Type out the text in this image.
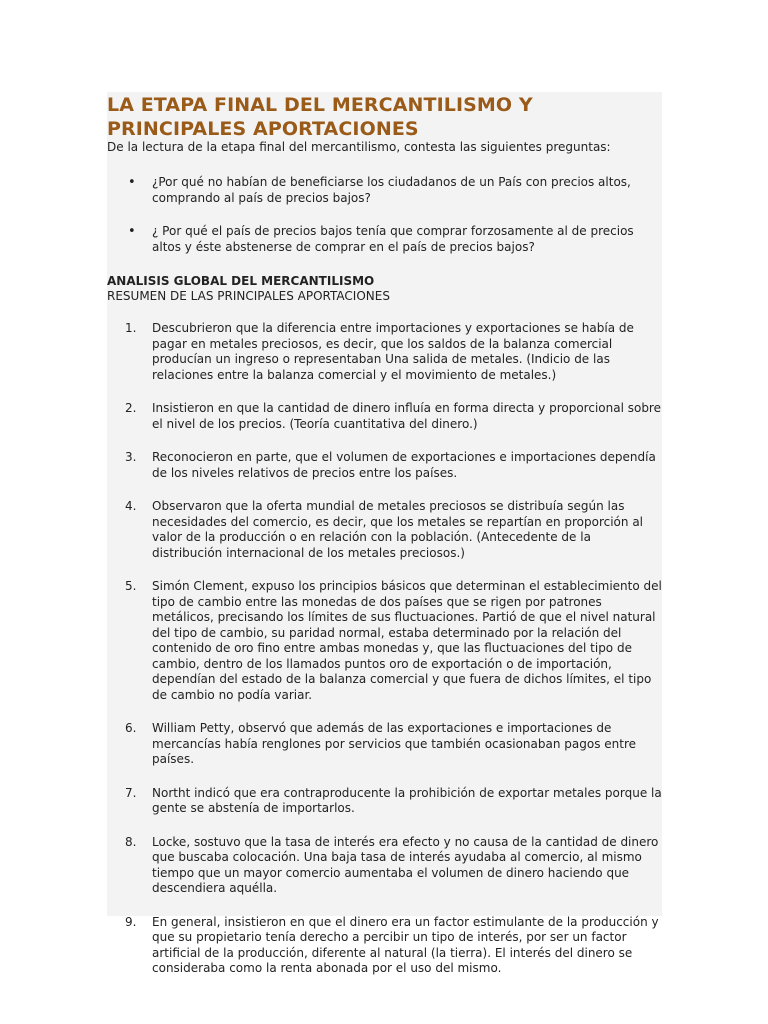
LA ETAPA FINAL DEL MERCANTILISMO Y PRINCIPALES APORTACIONES
De la lectura de la etapa final del mercantilismo, contesta las siguientes preguntas:
• ¿Por qué no habían de beneficiarse los ciudadanos de un País con precios altos, comprando al país de precios bajos?
• ¿ Por qué el país de precios bajos tenía que comprar forzosamente al de precios altos y éste abstenerse de comprar en el país de precios bajos?
ANALISIS GLOBAL DEL MERCANTILISMO
RESUMEN DE LAS PRINCIPALES APORTACIONES
1. Descubrieron que la diferencia entre importaciones y exportaciones se había de pagar en metales preciosos, es decir, que los saldos de la balanza comercial producían un ingreso o representaban Una salida de metales. (Indicio de las relaciones entre la balanza comercial y el movimiento de metales.)
2. Insistieron en que la cantidad de dinero influía en forma directa y proporcional sobre el nivel de los precios. (Teoría cuantitativa del dinero.)
3. Reconocieron en parte, que el volumen de exportaciones e importaciones dependía de los niveles relativos de precios entre los países.
4. Observaron que la oferta mundial de metales preciosos se distribuía según las necesidades del comercio, es decir, que los metales se repartían en proporción al valor de la producción o en relación con la población. (Antecedente de la distribución internacional de los metales preciosos.)
5. Simón Clement, expuso los principios básicos que determinan el establecimiento del tipo de cambio entre las monedas de dos países que se rigen por patrones metálicos, precisando los límites de sus fluctuaciones. Partió de que el nivel natural del tipo de cambio, su paridad normal, estaba determinado por la relación del contenido de oro fino entre ambas monedas y, que las fluctuaciones del tipo de cambio, dentro de los llamados puntos oro de exportación o de importación, dependían del estado de la balanza comercial y que fuera de dichos límites, el tipo de cambio no podía variar.
6. William Petty, observó que además de las exportaciones e importaciones de mercancías había renglones por servicios que también ocasionaban pagos entre países.
7. Northt indicó que era contraproducente la prohibición de exportar metales porque la gente se abstenía de importarlos.
8. Locke, sostuvo que la tasa de interés era efecto y no causa de la cantidad de dinero que buscaba colocación. Una baja tasa de interés ayudaba al comercio, al mismo tiempo que un mayor comercio aumentaba el volumen de dinero haciendo que descendiera aquélla.
9. En general, insistieron en que el dinero era un factor estimulante de la producción y que su propietario tenía derecho a percibir un tipo de interés, por ser un factor artificial de la producción, diferente al natural (la tierra). El interés del dinero se consideraba como la renta abonada por el uso del mismo.
